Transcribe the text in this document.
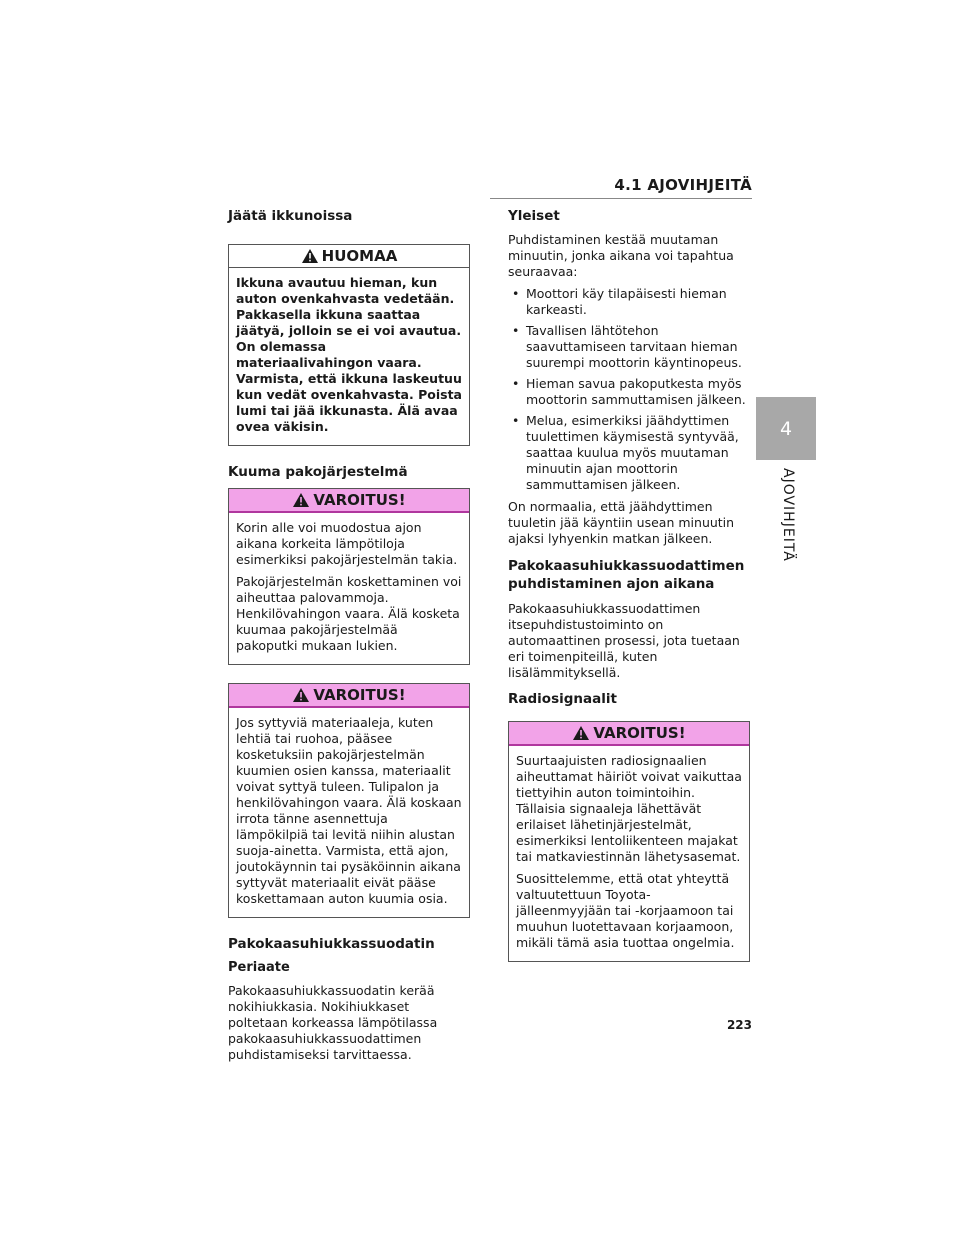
4.1 AJOVIHJEITÄ
4
AJOVIHJEITÄ
Jäätä ikkunoissa
HUOMAA

Ikkuna avautuu hieman, kun auton ovenkahvasta vedetään. Pakkasella ikkuna saattaa jäätyä, jolloin se ei voi avautua. On olemassa materiaalivahingon vaara. Varmista, että ikkuna laskeutuu kun vedät ovenkahvasta. Poista lumi tai jää ikkunasta. Älä avaa ovea väkisin.

Kuuma pakojärjestelmä
VAROITUS!

Korin alle voi muodostua ajon aikana korkeita lämpötiloja esimerkiksi pakojärjestelmän takia.

Pakojärjestelmän koskettaminen voi aiheuttaa palovammoja. Henkilövahingon vaara. Älä kosketa kuumaa pakojärjestelmää pakoputki mukaan lukien.

VAROITUS!

Jos syttyviä materiaaleja, kuten lehtiä tai ruohoa, pääsee kosketuksiin pakojärjestelmän kuumien osien kanssa, materiaalit voivat syttyä tuleen. Tulipalon ja henkilövahingon vaara. Älä koskaan irrota tänne asennettuja lämpökilpiä tai levitä niihin alustan suoja-ainetta. Varmista, että ajon, joutokäynnin tai pysäköinnin aikana syttyvät materiaalit eivät pääse koskettamaan auton kuumia osia.

Pakokaasuhiukkassuodatin
Periaate

Pakokaasuhiukkassuodatin kerää nokihiukkasia. Nokihiukkaset poltetaan korkeassa lämpötilassa pakokaasuhiukkassuodattimen puhdistamiseksi tarvittaessa.

Yleiset

Puhdistaminen kestää muutaman minuutin, jonka aikana voi tapahtua seuraavaa:

• Moottori käy tilapäisesti hieman karkeasti.
• Tavallisen lähtötehon saavuttamiseen tarvitaan hieman suurempi moottorin käyntinopeus.
• Hieman savua pakoputkesta myös moottorin sammuttamisen jälkeen.
• Melua, esimerkiksi jäähdyttimen tuulettimen käymisestä syntyvää, saattaa kuulua myös muutaman minuutin ajan moottorin sammuttamisen jälkeen.

On normaalia, että jäähdyttimen tuuletin jää käyntiin usean minuutin ajaksi lyhyenkin matkan jälkeen.

Pakokaasuhiukkassuodattimen puhdistaminen ajon aikana

Pakokaasuhiukkassuodattimen itsepuhdistustoiminto on automaattinen prosessi, jota tuetaan eri toimenpiteillä, kuten lisälämmityksellä.

Radiosignaalit
VAROITUS!

Suurtaajuisten radiosignaalien aiheuttamat häiriöt voivat vaikuttaa tiettyihin auton toimintoihin. Tällaisia signaaleja lähettävät erilaiset lähetinjärjestelmät, esimerkiksi lentoliikenteen majakat tai matkaviestinnän lähetysasemat.

Suosittelemme, että otat yhteyttä valtuutettuun Toyota-jälleenmyyjään tai -korjaamoon tai muuhun luotettavaan korjaamoon, mikäli tämä asia tuottaa ongelmia.

223
